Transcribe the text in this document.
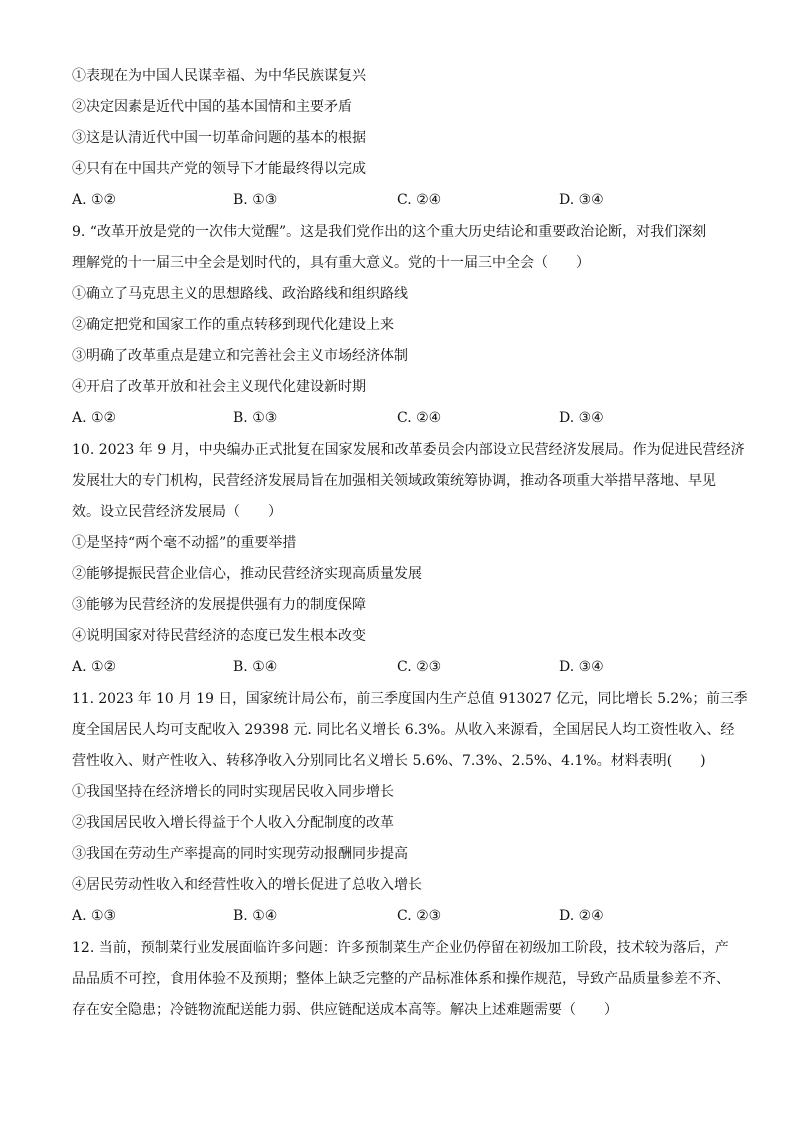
①表现在为中国人民谋幸福、为中华民族谋复兴
②决定因素是近代中国的基本国情和主要矛盾
③这是认清近代中国一切革命问题的基本的根据
④只有在中国共产党的领导下才能最终得以完成
A. ①②	B. ①③	C. ②④	D. ③④
9. “改革开放是党的一次伟大觉醒”。这是我们党作出的这个重大历史结论和重要政治论断，对我们深刻
理解党的十一届三中全会是划时代的，具有重大意义。党的十一届三中全会（　　）
①确立了马克思主义的思想路线、政治路线和组织路线
②确定把党和国家工作的重点转移到现代化建设上来
③明确了改革重点是建立和完善社会主义市场经济体制
④开启了改革开放和社会主义现代化建设新时期
A. ①②	B. ①③	C. ②④	D. ③④
10. 2023 年 9 月，中央编办正式批复在国家发展和改革委员会内部设立民营经济发展局。作为促进民营经济
发展壮大的专门机构，民营经济发展局旨在加强相关领域政策统筹协调，推动各项重大举措早落地、早见
效。设立民营经济发展局（　　）
①是坚持“两个毫不动摇”的重要举措
②能够提振民营企业信心，推动民营经济实现高质量发展
③能够为民营经济的发展提供强有力的制度保障
④说明国家对待民营经济的态度已发生根本改变
A. ①②	B. ①④	C. ②③	D. ③④
11. 2023 年 10 月 19 日，国家统计局公布，前三季度国内生产总值 913027 亿元，同比增长 5.2%；前三季
度全国居民人均可支配收入 29398 元. 同比名义增长 6.3%。从收入来源看，全国居民人均工资性收入、经
营性收入、财产性收入、转移净收入分别同比名义增长 5.6%、7.3%、2.5%、4.1%。材料表明(　　)
①我国坚持在经济增长的同时实现居民收入同步增长
②我国居民收入增长得益于个人收入分配制度的改革
③我国在劳动生产率提高的同时实现劳动报酬同步提高
④居民劳动性收入和经营性收入的增长促进了总收入增长
A. ①③	B. ①④	C. ②③	D. ②④
12. 当前，预制菜行业发展面临许多问题：许多预制菜生产企业仍停留在初级加工阶段，技术较为落后，产
品品质不可控，食用体验不及预期；整体上缺乏完整的产品标准体系和操作规范，导致产品质量参差不齐、
存在安全隐患；冷链物流配送能力弱、供应链配送成本高等。解决上述难题需要（　　）
